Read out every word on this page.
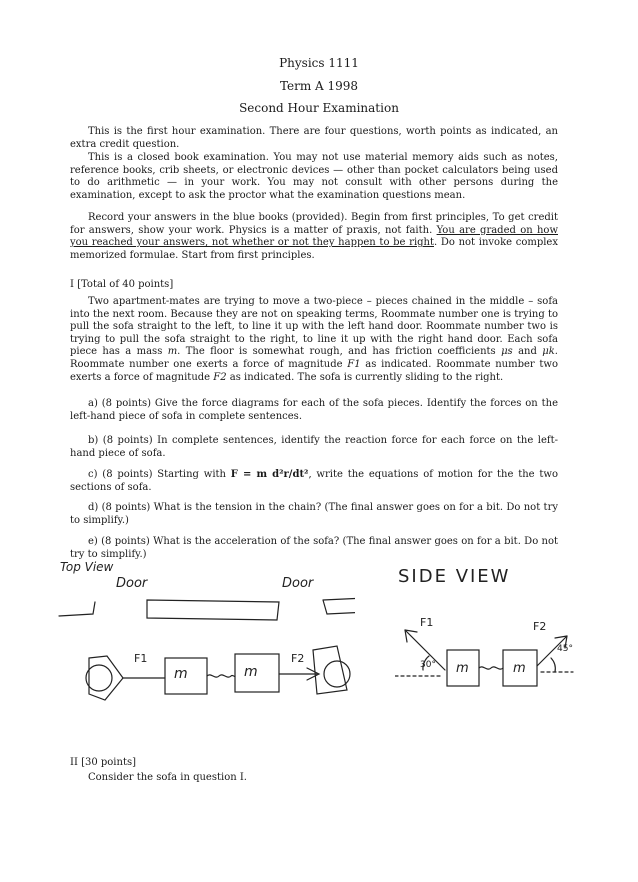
Physics 1111
Term A 1998
Second Hour Examination

This is the first hour examination. There are four questions, worth points as indicated, an extra credit question.

This is a closed book examination. You may not use material memory aids such as notes, reference books, crib sheets, or electronic devices — other than pocket calculators being used to do arithmetic — in your work. You may not consult with other persons during the examination, except to ask the proctor what the examination questions mean.

Record your answers in the blue books (provided). Begin from first principles, To get credit for answers, show your work. Physics is a matter of praxis, not faith. You are graded on how you reached your answers, not whether or not they happen to be right. Do not invoke complex memorized formulae. Start from first principles.

I [Total of 40 points]

Two apartment-mates are trying to move a two-piece – pieces chained in the middle – sofa into the next room. Because they are not on speaking terms, Roommate number one is trying to pull the sofa straight to the left, to line it up with the left hand door. Roommate number two is trying to pull the sofa straight to the right, to line it up with the right hand door. Each sofa piece has a mass m. The floor is somewhat rough, and has friction coefficients μs and μk. Roommate number one exerts a force of magnitude F1 as indicated. Roommate number two exerts a force of magnitude F2 as indicated. The sofa is currently sliding to the right.

a) (8 points) Give the force diagrams for each of the sofa pieces. Identify the forces on the left-hand piece of sofa in complete sentences.

b) (8 points) In complete sentences, identify the reaction force for each force on the left-hand piece of sofa.

c) (8 points) Starting with F = m d²r/dt², write the equations of motion for the the two sections of sofa.

d) (8 points) What is the tension in the chain? (The final answer goes on for a bit. Do not try to simplify.)

e) (8 points) What is the acceleration of the sofa? (The final answer goes on for a bit. Do not try to simplify.)

Top View
Door	Door	SIDE VIEW
F1	F2
m	m
F1	F2
30°
45°
m	m

II [30 points]

Consider the sofa in question I.
